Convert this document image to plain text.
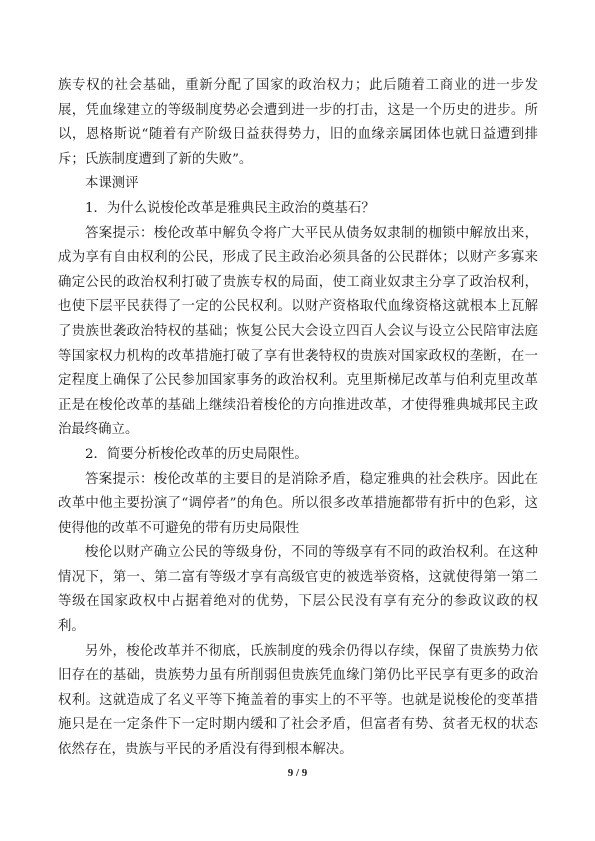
族专权的社会基础，重新分配了国家的政治权力；此后随着工商业的进一步发展，凭血缘建立的等级制度势必会遭到进一步的打击，这是一个历史的进步。所以，恩格斯说“随着有产阶级日益获得势力，旧的血缘亲属团体也就日益遭到排斥；氏族制度遭到了新的失败”。

本课测评

1．为什么说梭伦改革是雅典民主政治的奠基石？

答案提示：梭伦改革中解负令将广大平民从债务奴隶制的枷锁中解放出来，成为享有自由权利的公民，形成了民主政治必须具备的公民群体；以财产多寡来确定公民的政治权利打破了贵族专权的局面，使工商业奴隶主分享了政治权利，也使下层平民获得了一定的公民权利。以财产资格取代血缘资格这就根本上瓦解了贵族世袭政治特权的基础；恢复公民大会设立四百人会议与设立公民陪审法庭等国家权力机构的改革措施打破了享有世袭特权的贵族对国家政权的垄断，在一定程度上确保了公民参加国家事务的政治权利。克里斯梯尼改革与伯利克里改革正是在梭伦改革的基础上继续沿着梭伦的方向推进改革，才使得雅典城邦民主政治最终确立。

2．简要分析梭伦改革的历史局限性。

答案提示：梭伦改革的主要目的是消除矛盾，稳定雅典的社会秩序。因此在改革中他主要扮演了“调停者”的角色。所以很多改革措施都带有折中的色彩，这使得他的改革不可避免的带有历史局限性

梭伦以财产确立公民的等级身份，不同的等级享有不同的政治权利。在这种情况下，第一、第二富有等级才享有高级官吏的被选举资格，这就使得第一第二等级在国家政权中占据着绝对的优势，下层公民没有享有充分的参政议政的权利。

另外，梭伦改革并不彻底，氏族制度的残余仍得以存续，保留了贵族势力依旧存在的基础，贵族势力虽有所削弱但贵族凭血缘门第仍比平民享有更多的政治权利。这就造成了名义平等下掩盖着的事实上的不平等。也就是说梭伦的变革措施只是在一定条件下一定时期内缓和了社会矛盾，但富者有势、贫者无权的状态依然存在，贵族与平民的矛盾没有得到根本解决。

9 / 9
